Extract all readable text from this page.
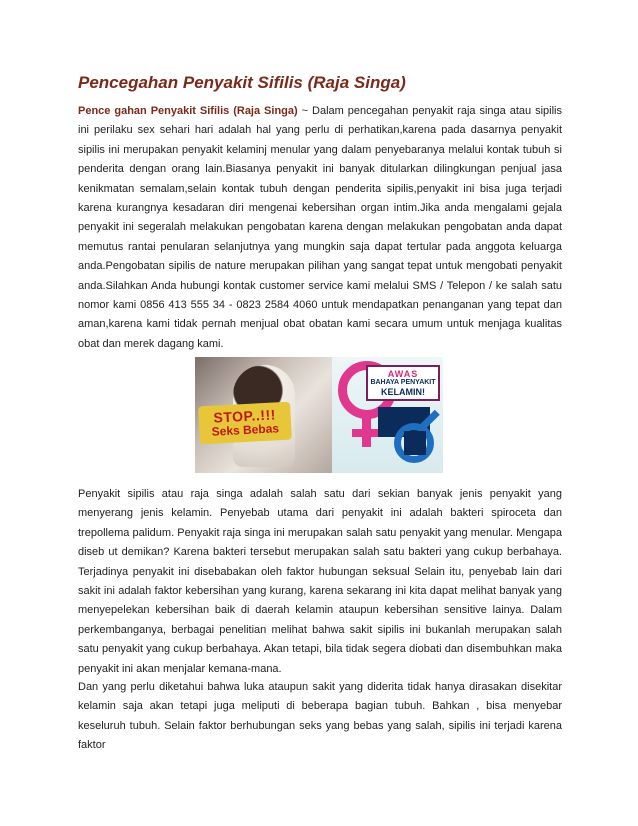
Pencegahan Penyakit Sifilis (Raja Singa)

Pence gahan Penyakit Sifilis (Raja Singa) ~ Dalam pencegahan penyakit raja singa atau sipilis ini perilaku sex sehari hari adalah hal yang perlu di perhatikan,karena pada dasarnya penyakit sipilis ini merupakan penyakit kelaminj menular yang dalam penyebaranya melalui kontak tubuh si penderita dengan orang lain.Biasanya penyakit ini banyak ditularkan dilingkungan penjual jasa kenikmatan semalam,selain kontak tubuh dengan penderita sipilis,penyakit ini bisa juga terjadi karena kurangnya kesadaran diri mengenai kebersihan organ intim.Jika anda mengalami gejala penyakit ini segeralah melakukan pengobatan karena dengan melakukan pengobatan anda dapat memutus rantai penularan selanjutnya yang mungkin saja dapat tertular pada anggota keluarga anda.Pengobatan sipilis de nature merupakan pilihan yang sangat tepat untuk mengobati penyakit anda.Silahkan Anda hubungi kontak customer service kami melalui SMS / Telepon / ke salah satu nomor kami 0856 413 555 34 - 0823 2584 4060 untuk mendapatkan penanganan yang tepat dan aman,karena kami tidak pernah menjual obat obatan kami secara umum untuk menjaga kualitas obat dan merek dagang kami.

STOP..!!!
Seks Bebas
AWAS
BAHAYA PENYAKIT
KELAMIN!

Penyakit sipilis atau raja singa adalah salah satu dari sekian banyak jenis penyakit yang menyerang jenis kelamin. Penyebab utama dari penyakit ini adalah bakteri spiroceta dan trepollema palidum. Penyakit raja singa ini merupakan salah satu penyakit yang menular. Mengapa diseb ut demikan? Karena bakteri tersebut merupakan salah satu bakteri yang cukup berbahaya. Terjadinya penyakit ini disebabakan oleh faktor hubungan seksual Selain itu, penyebab lain dari sakit ini adalah faktor kebersihan yang kurang, karena sekarang ini kita dapat melihat banyak yang menyepelekan kebersihan baik di daerah kelamin ataupun kebersihan sensitive lainya. Dalam perkembanganya, berbagai penelitian melihat bahwa sakit sipilis ini bukanlah merupakan salah satu penyakit yang cukup berbahaya. Akan tetapi, bila tidak segera diobati dan disembuhkan maka penyakit ini akan menjalar kemana-mana.

Dan yang perlu diketahui bahwa luka ataupun sakit yang diderita tidak hanya dirasakan disekitar kelamin saja akan tetapi juga meliputi di beberapa bagian tubuh. Bahkan , bisa menyebar keseluruh tubuh. Selain faktor berhubungan seks yang bebas yang salah, sipilis ini terjadi karena faktor
